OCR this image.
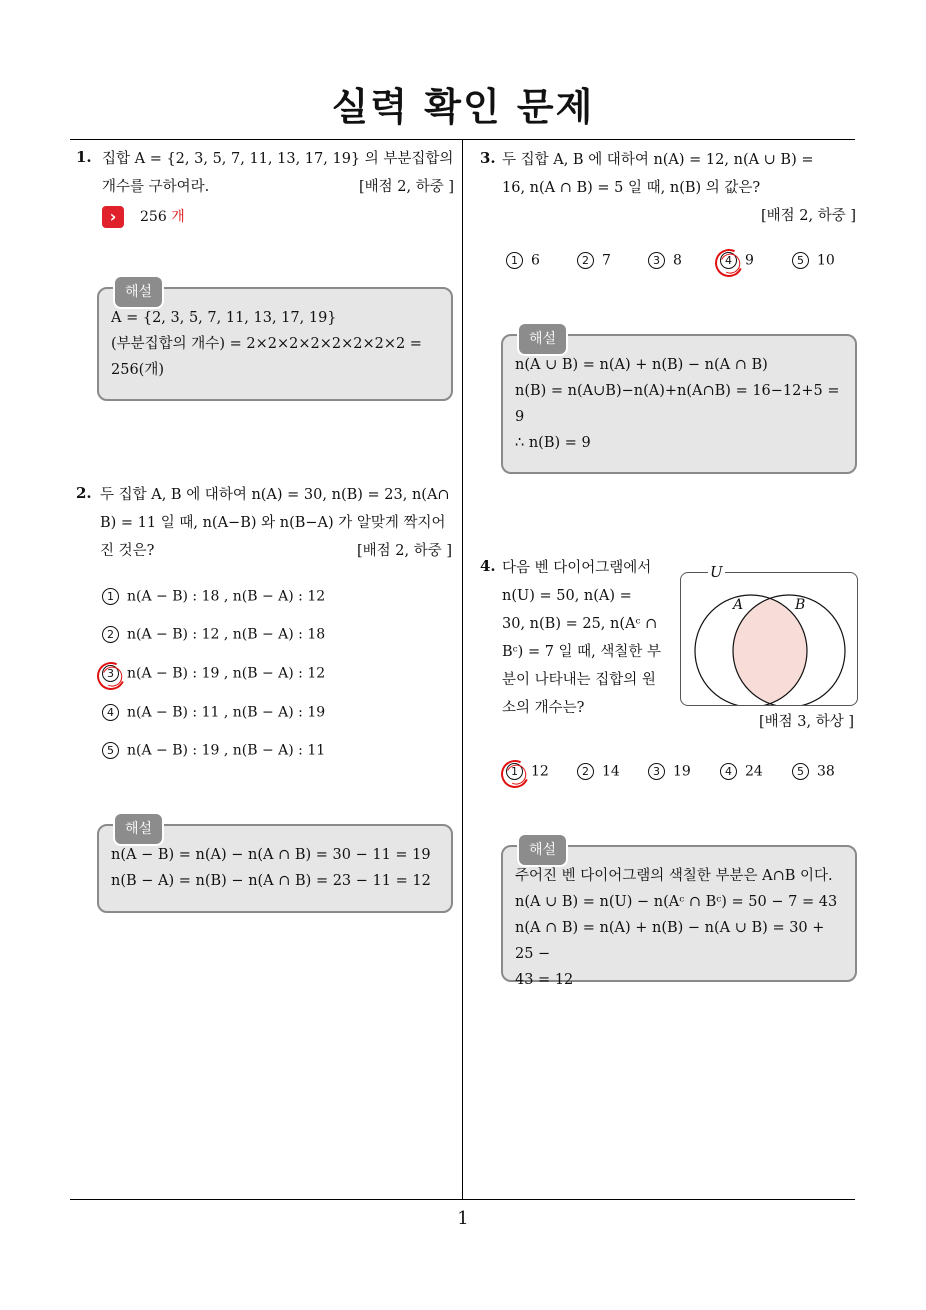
실력 확인 문제
1
1. 집합 A = {2, 3, 5, 7, 11, 13, 17, 19} 의 부분집합의
개수를 구하여라.	[배점 2, 하중 ]
›	256 개
해설
A = {2, 3, 5, 7, 11, 13, 17, 19}
(부분집합의 개수) = 2×2×2×2×2×2×2×2 =
256(개)
2. 두 집합 A, B 에 대하여 n(A) = 30, n(B) = 23, n(A∩
B) = 11 일 때, n(A−B) 와 n(B−A) 가 알맞게 짝지어
진 것은?	[배점 2, 하중 ]
1 n(A − B) : 18 , n(B − A) : 12
2 n(A − B) : 12 , n(B − A) : 18
3 n(A − B) : 19 , n(B − A) : 12
4 n(A − B) : 11 , n(B − A) : 19
5 n(A − B) : 19 , n(B − A) : 11
해설
n(A − B) = n(A) − n(A ∩ B) = 30 − 11 = 19
n(B − A) = n(B) − n(A ∩ B) = 23 − 11 = 12
3. 두 집합 A, B 에 대하여 n(A) = 12, n(A ∪ B) =
16, n(A ∩ B) = 5 일 때, n(B) 의 값은?
[배점 2, 하중 ]
1 6	2 7	3 8	4 9	5 10
해설
n(A ∪ B) = n(A) + n(B) − n(A ∩ B)
n(B) = n(A∪B)−n(A)+n(A∩B) = 16−12+5 =
9
∴ n(B) = 9
4. 다음 벤 다이어그램에서
n(U) = 50, n(A) =
30, n(B) = 25, n(Aᶜ ∩
Bᶜ) = 7 일 때, 색칠한 부
분이 나타내는 집합의 원
소의 개수는?
U
A	B
[배점 3, 하상 ]
1 12	2 14	3 19	4 24	5 38
해설
주어진 벤 다이어그램의 색칠한 부분은 A∩B 이다.
n(A ∪ B) = n(U) − n(Aᶜ ∩ Bᶜ) = 50 − 7 = 43
n(A ∩ B) = n(A) + n(B) − n(A ∪ B) = 30 + 25 −
43 = 12
